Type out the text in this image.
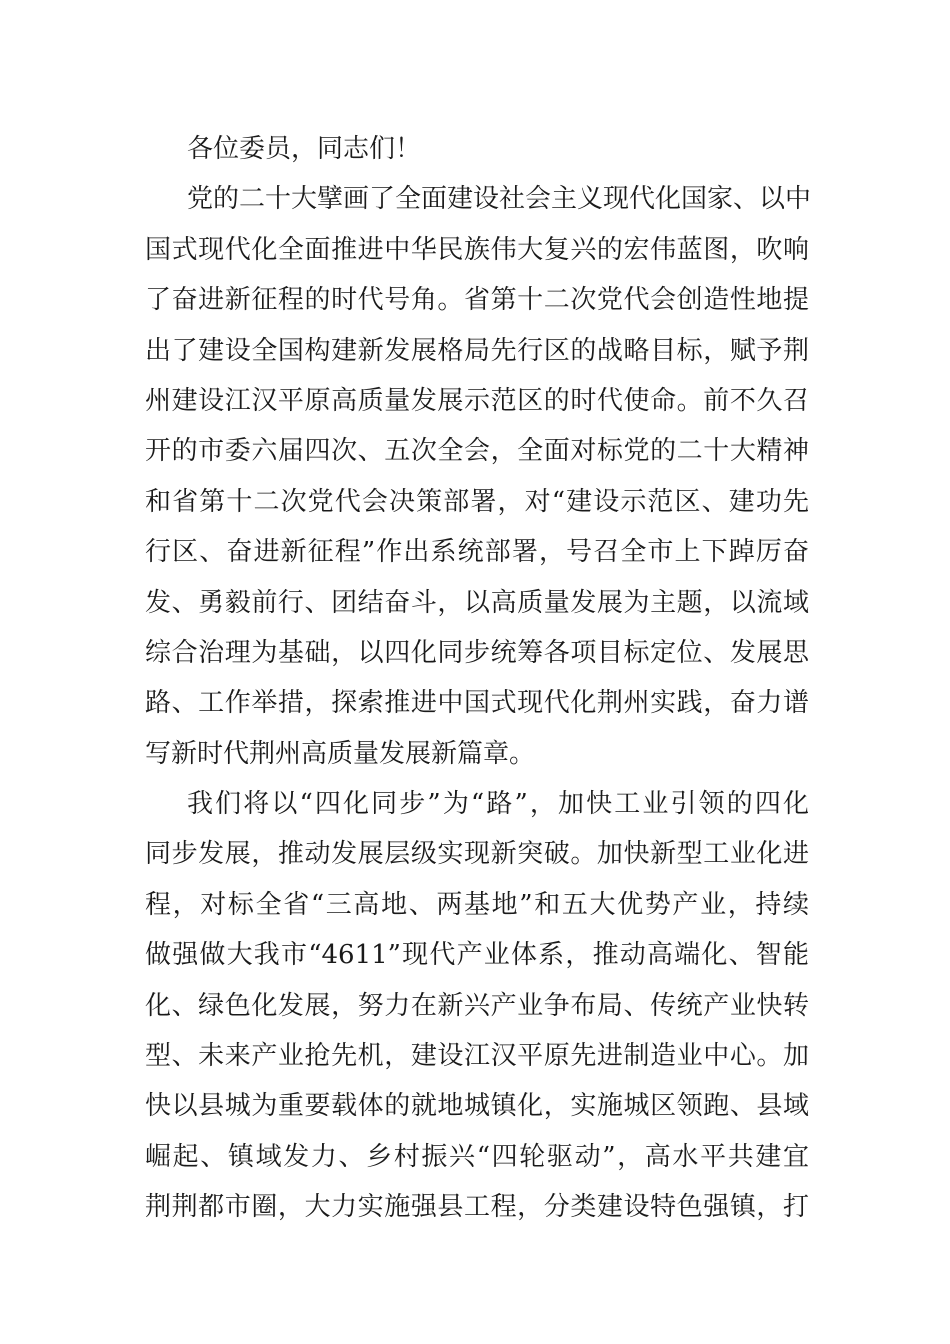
各位委员，同志们！
党的二十大擘画了全面建设社会主义现代化国家、以中
国式现代化全面推进中华民族伟大复兴的宏伟蓝图，吹响
了奋进新征程的时代号角。省第十二次党代会创造性地提
出了建设全国构建新发展格局先行区的战略目标，赋予荆
州建设江汉平原高质量发展示范区的时代使命。前不久召
开的市委六届四次、五次全会，全面对标党的二十大精神
和省第十二次党代会决策部署，对“建设示范区、建功先
行区、奋进新征程”作出系统部署，号召全市上下踔厉奋
发、勇毅前行、团结奋斗，以高质量发展为主题，以流域
综合治理为基础，以四化同步统筹各项目标定位、发展思
路、工作举措，探索推进中国式现代化荆州实践，奋力谱
写新时代荆州高质量发展新篇章。
我们将以“四化同步”为“路”，加快工业引领的四化
同步发展，推动发展层级实现新突破。加快新型工业化进
程，对标全省“三高地、两基地”和五大优势产业，持续
做强做大我市“4611”现代产业体系，推动高端化、智能
化、绿色化发展，努力在新兴产业争布局、传统产业快转
型、未来产业抢先机，建设江汉平原先进制造业中心。加
快以县城为重要载体的就地城镇化，实施城区领跑、县域
崛起、镇域发力、乡村振兴“四轮驱动”，高水平共建宜
荆荆都市圈，大力实施强县工程，分类建设特色强镇，打
